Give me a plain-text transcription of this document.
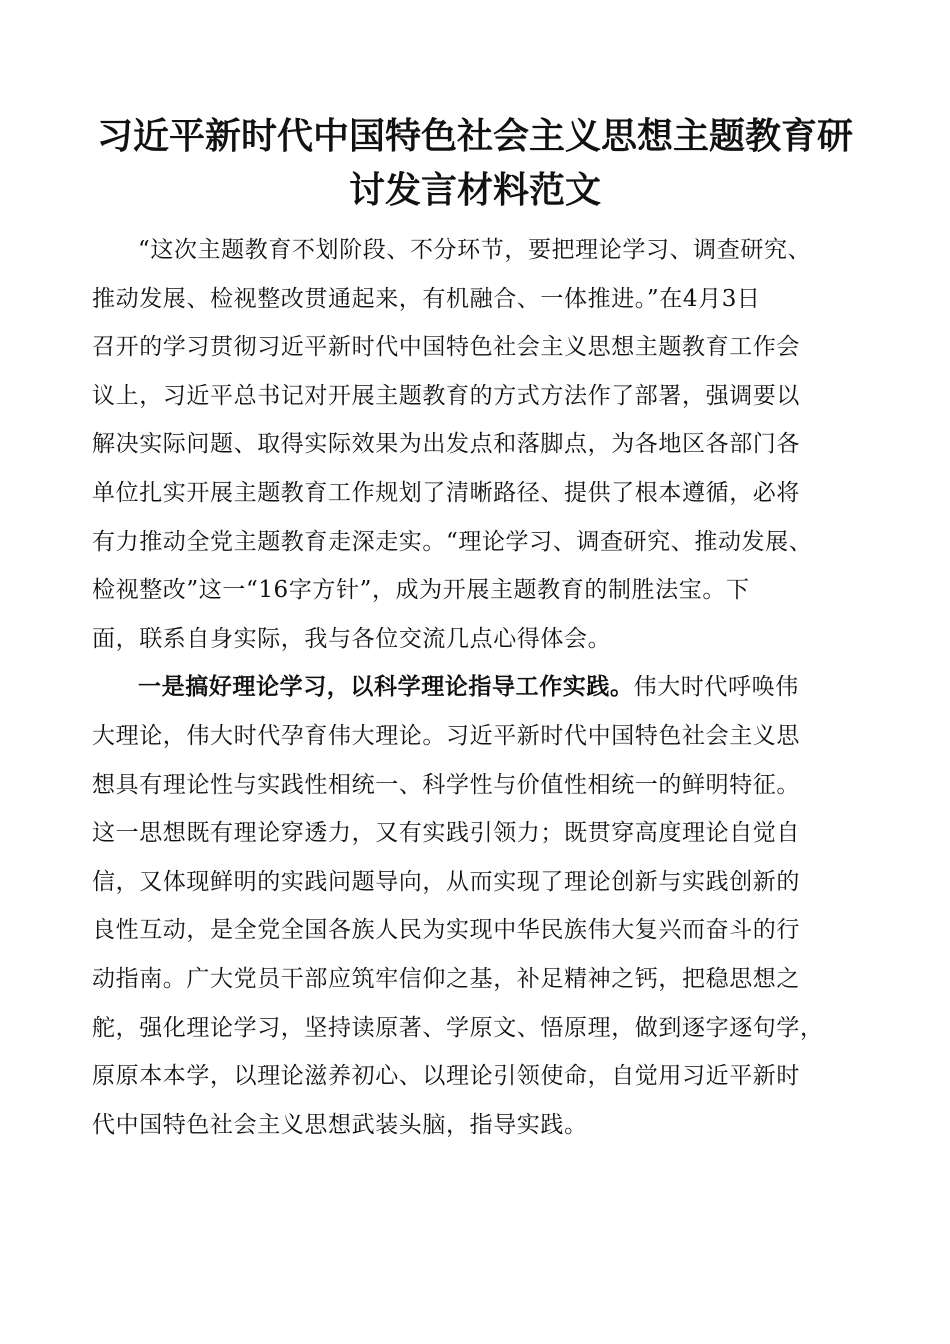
习近平新时代中国特色社会主义思想主题教育研
讨发言材料范文
“这次主题教育不划阶段、不分环节，要把理论学习、调查研究、
推动发展、检视整改贯通起来，有机融合、一体推进。”在4月3日
召开的学习贯彻习近平新时代中国特色社会主义思想主题教育工作会
议上，习近平总书记对开展主题教育的方式方法作了部署，强调要以
解决实际问题、取得实际效果为出发点和落脚点，为各地区各部门各
单位扎实开展主题教育工作规划了清晰路径、提供了根本遵循，必将
有力推动全党主题教育走深走实。“理论学习、调查研究、推动发展、
检视整改”这一“16字方针”，成为开展主题教育的制胜法宝。下
面，联系自身实际，我与各位交流几点心得体会。
一是搞好理论学习，以科学理论指导工作实践。伟大时代呼唤伟
大理论，伟大时代孕育伟大理论。习近平新时代中国特色社会主义思
想具有理论性与实践性相统一、科学性与价值性相统一的鲜明特征。
这一思想既有理论穿透力，又有实践引领力；既贯穿高度理论自觉自
信，又体现鲜明的实践问题导向，从而实现了理论创新与实践创新的
良性互动，是全党全国各族人民为实现中华民族伟大复兴而奋斗的行
动指南。广大党员干部应筑牢信仰之基，补足精神之钙，把稳思想之
舵，强化理论学习，坚持读原著、学原文、悟原理，做到逐字逐句学，
原原本本学，以理论滋养初心、以理论引领使命，自觉用习近平新时
代中国特色社会主义思想武装头脑，指导实践。
